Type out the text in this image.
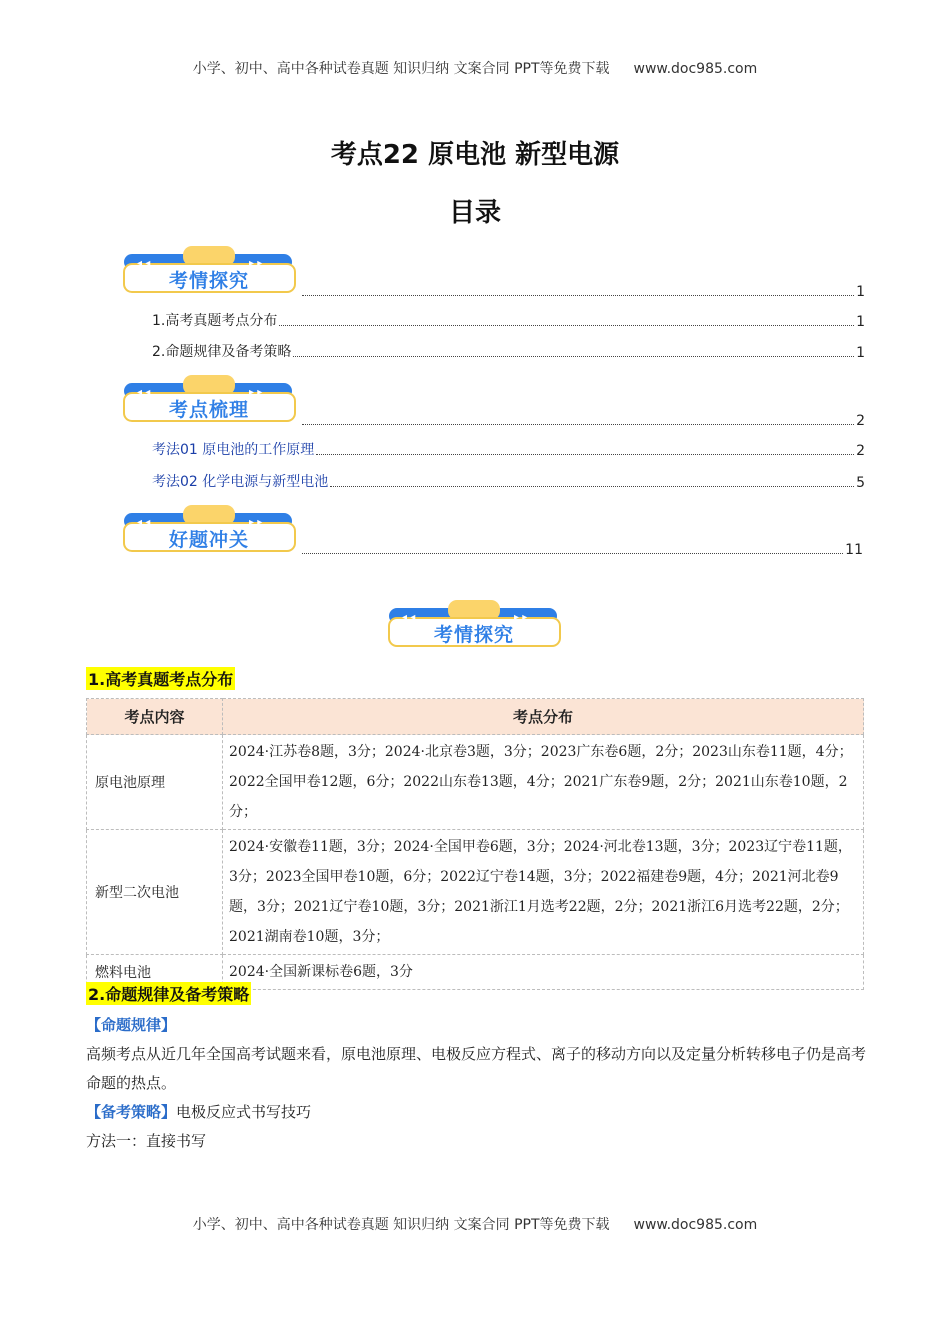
小学、初中、高中各种试卷真题 知识归纳 文案合同 PPT等免费下载 www.doc985.com
考点22 原电池 新型电源
目录
◂ ◂	▸ ▸
考情探究	1
1.高考真题考点分布	1
2.命题规律及备考策略	1
◂ ◂	▸ ▸
考点梳理	2
考法01 原电池的工作原理	2
考法02 化学电源与新型电池	5
◂ ◂	▸ ▸
好题冲关	11
◂ ◂	▸ ▸
考情探究
1.高考真题考点分布
考点内容	考点分布
原电池原理	2024·江苏卷8题，3分；2024·北京卷3题，3分；2023广东卷6题，2分；2023山东卷11题，4分；2022全国甲卷12题，6分；2022山东卷13题，4分；2021广东卷9题，2分；2021山东卷10题，2分；
新型二次电池	2024·安徽卷11题，3分；2024·全国甲卷6题，3分；2024·河北卷13题，3分；2023辽宁卷11题，3分；2023全国甲卷10题，6分；2022辽宁卷14题，3分；2022福建卷9题，4分；2021河北卷9题，3分；2021辽宁卷10题，3分；2021浙江1月选考22题，2分；2021浙江6月选考22题，2分；2021湖南卷10题，3分；
燃料电池	2024·全国新课标卷6题，3分
2.命题规律及备考策略
【命题规律】
高频考点从近几年全国高考试题来看，原电池原理、电极反应方程式、离子的移动方向以及定量分析转移电子仍是高考命题的热点。
【备考策略】电极反应式书写技巧
方法一：直接书写
小学、初中、高中各种试卷真题 知识归纳 文案合同 PPT等免费下载 www.doc985.com
